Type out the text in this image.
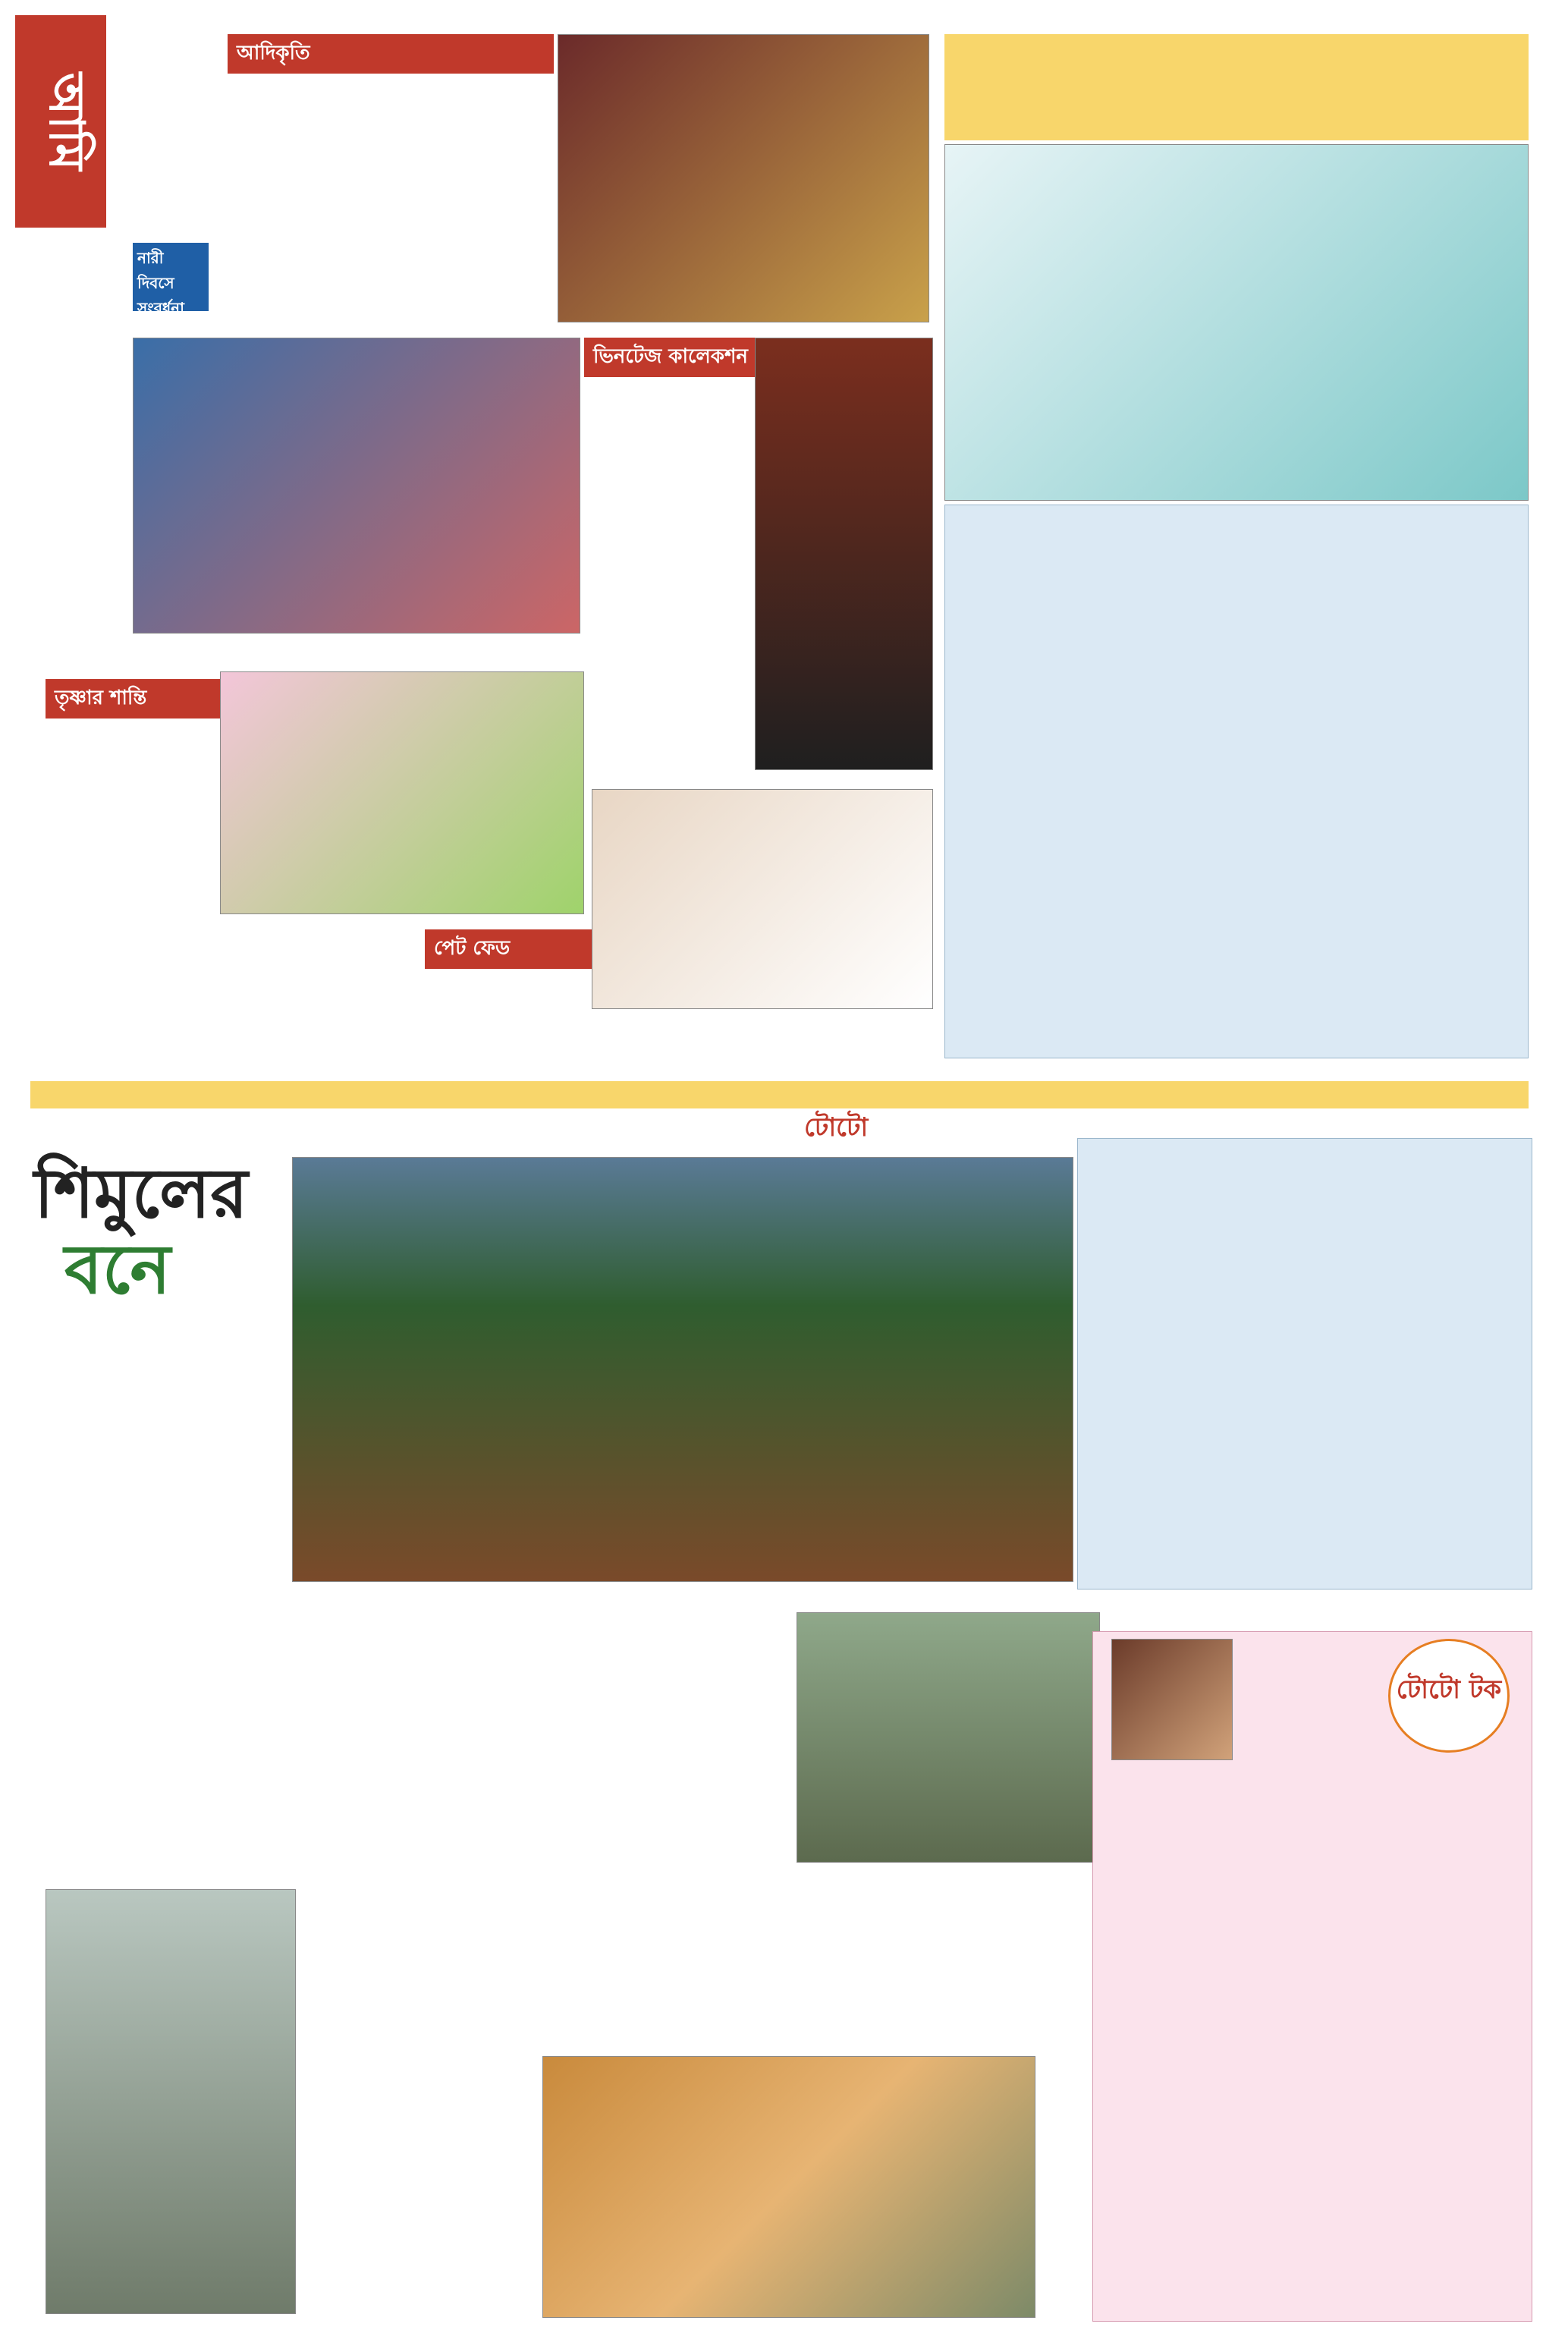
আমি
আদিকৃতি
নারী দিবসে সংবর্ধনা
ভিনটেজ কালেকশন
তৃষ্ণার শান্তি
পেট ফেড
টোটো
শিমুলের
বনে
টোটো টক
